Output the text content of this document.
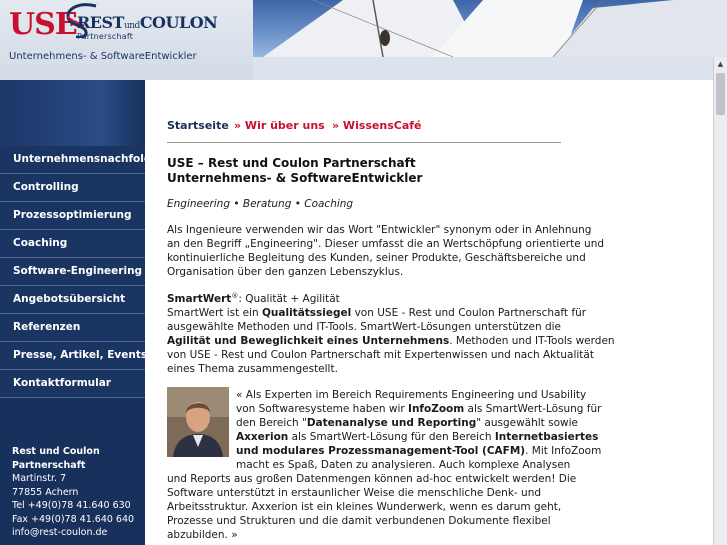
USE RESTundCOULON
Partnerschaft
Unternehmens- & SoftwareEntwickler
Unternehmensnachfolge
Controlling
Prozessoptimierung
Coaching
Software-Engineering
Angebotsübersicht
Referenzen
Presse, Artikel, Events
Kontaktformular
Rest und Coulon
Partnerschaft
Martinstr. 7
77855 Achern
Tel +49(0)78 41.640 630
Fax +49(0)78 41.640 640
info@rest-coulon.de
Startseite » Wir über uns » WissensCafé
USE – Rest und Coulon Partnerschaft
Unternehmens- & SoftwareEntwickler
Engineering • Beratung • Coaching
Als Ingenieure verwenden wir das Wort "Entwickler" synonym oder in Anlehnung
an den Begriff „Engineering". Dieser umfasst die an Wertschöpfung orientierte und
kontinuierliche Begleitung des Kunden, seiner Produkte, Geschäftsbereiche und
Organisation über den ganzen Lebenszyklus.
SmartWert®: Qualität + Agilität
SmartWert ist ein Qualitätssiegel von USE - Rest und Coulon Partnerschaft für
ausgewählte Methoden und IT-Tools. SmartWert-Lösungen unterstützen die
Agilität und Beweglichkeit eines Unternehmens. Methoden und IT-Tools werden
von USE - Rest und Coulon Partnerschaft mit Expertenwissen und nach Aktualität
eines Thema zusammengestellt.
« Als Experten im Bereich Requirements Engineering und Usability
von Softwaresysteme haben wir InfoZoom als SmartWert-Lösung für
den Bereich "Datenanalyse und Reporting" ausgewählt sowie
Axxerion als SmartWert-Lösung für den Bereich Internetbasiertes
und modulares Prozessmanagement-Tool (CAFM). Mit InfoZoom
macht es Spaß, Daten zu analysieren. Auch komplexe Analysen
und Reports aus großen Datenmengen können ad-hoc entwickelt werden! Die
Software unterstützt in erstaunlicher Weise die menschliche Denk- und
Arbeitsstruktur. Axxerion ist ein kleines Wunderwerk, wenn es darum geht,
Prozesse und Strukturen und die damit verbundenen Dokumente flexibel
abzubilden. »
▲
